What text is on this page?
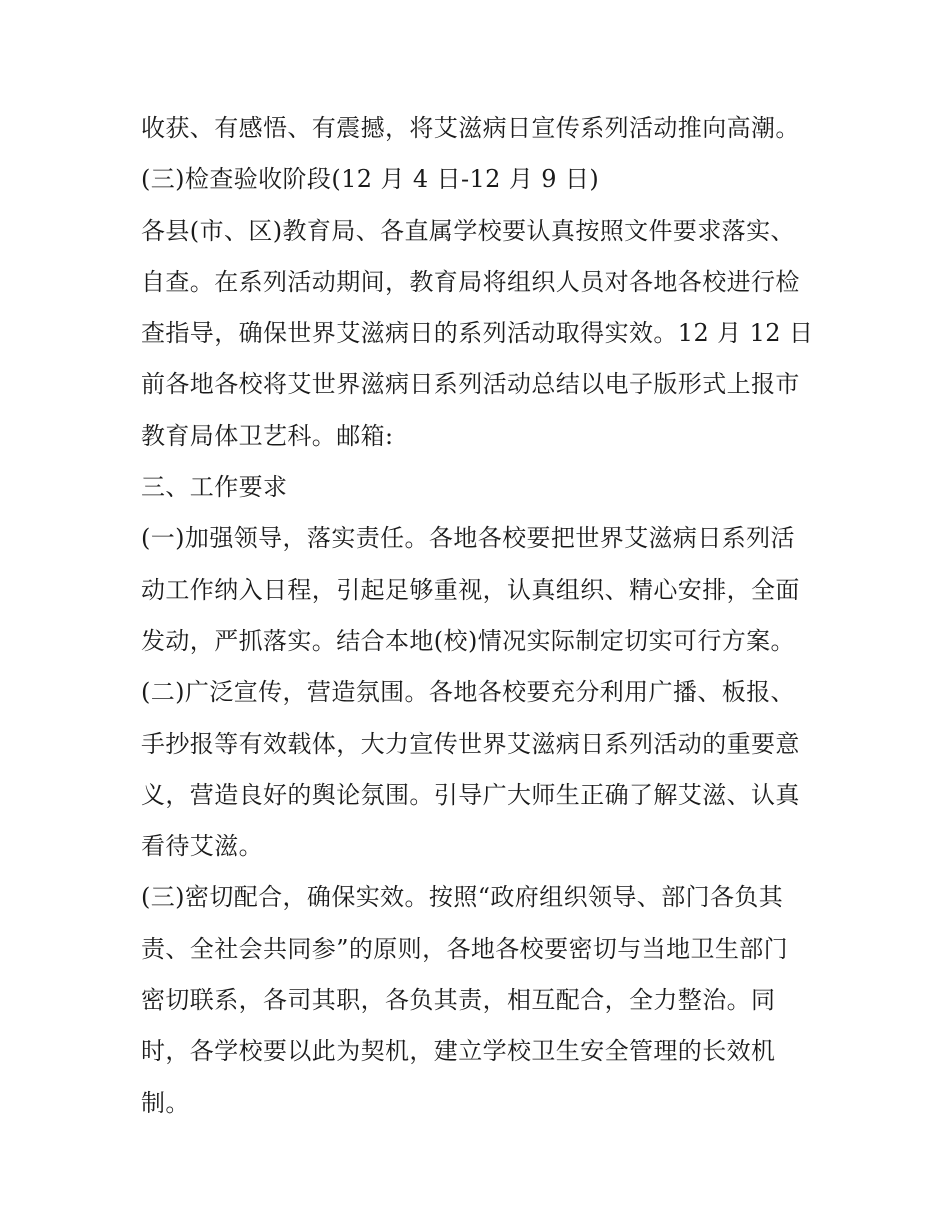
收获、有感悟、有震撼，将艾滋病日宣传系列活动推向高潮。
(三)检查验收阶段(12 月 4 日-12 月 9 日)
各县(市、区)教育局、各直属学校要认真按照文件要求落实、
自查。在系列活动期间，教育局将组织人员对各地各校进行检
查指导，确保世界艾滋病日的系列活动取得实效。12 月 12 日
前各地各校将艾世界滋病日系列活动总结以电子版形式上报市
教育局体卫艺科。邮箱:
三、工作要求
(一)加强领导，落实责任。各地各校要把世界艾滋病日系列活
动工作纳入日程，引起足够重视，认真组织、精心安排，全面
发动，严抓落实。结合本地(校)情况实际制定切实可行方案。
(二)广泛宣传，营造氛围。各地各校要充分利用广播、板报、
手抄报等有效载体，大力宣传世界艾滋病日系列活动的重要意
义，营造良好的舆论氛围。引导广大师生正确了解艾滋、认真
看待艾滋。
(三)密切配合，确保实效。按照“政府组织领导、部门各负其
责、全社会共同参”的原则，各地各校要密切与当地卫生部门
密切联系，各司其职，各负其责，相互配合，全力整治。同
时，各学校要以此为契机，建立学校卫生安全管理的长效机
制。
